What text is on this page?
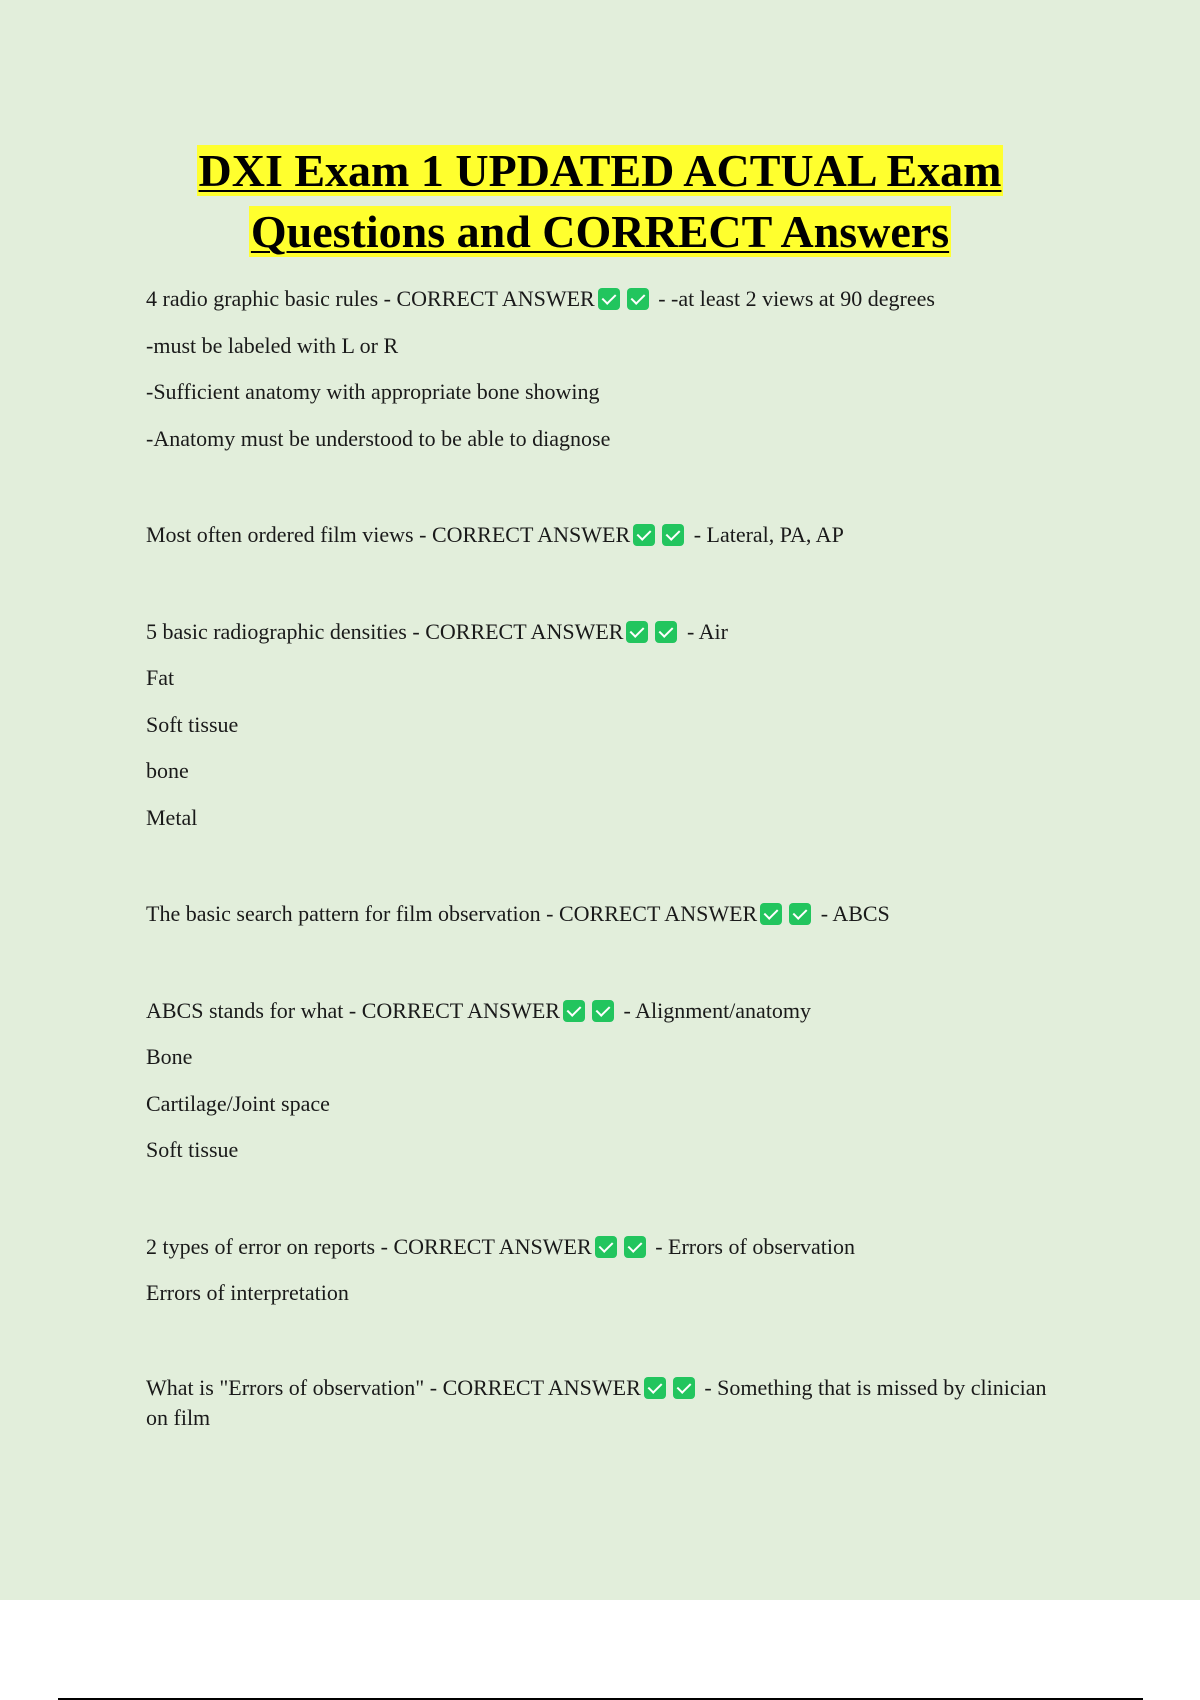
DXI Exam 1 UPDATED ACTUAL Exam
Questions and CORRECT Answers
4 radio graphic basic rules - CORRECT ANSWER	- -at least 2 views at 90 degrees
-must be labeled with L or R
-Sufficient anatomy with appropriate bone showing
-Anatomy must be understood to be able to diagnose
Most often ordered film views - CORRECT ANSWER	- Lateral, PA, AP
5 basic radiographic densities - CORRECT ANSWER	- Air
Fat
Soft tissue
bone
Metal
The basic search pattern for film observation - CORRECT ANSWER	- ABCS
ABCS stands for what - CORRECT ANSWER	- Alignment/anatomy
Bone
Cartilage/Joint space
Soft tissue
2 types of error on reports - CORRECT ANSWER	- Errors of observation
Errors of interpretation
What is "Errors of observation" - CORRECT ANSWER	- Something that is missed by clinician on film
